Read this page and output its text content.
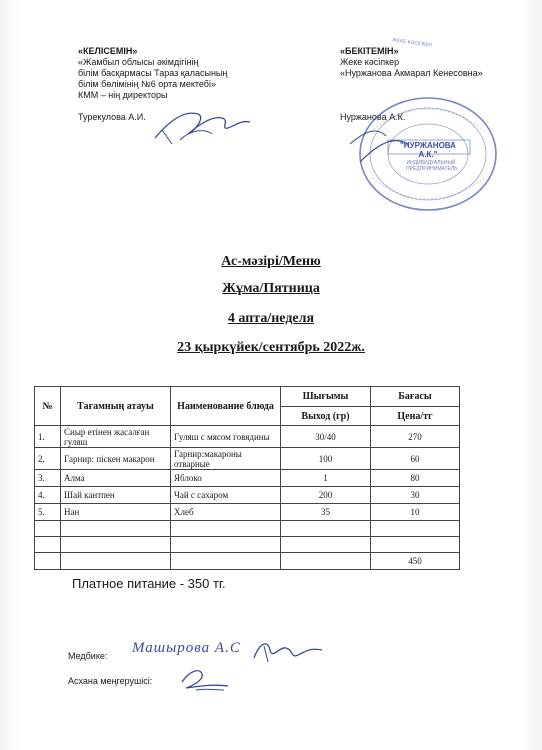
«КЕЛІСЕМІН»
«Жамбыл облысы әкімдігінің
білім басқармасы Тараз қаласының
білім бөлімінің №6 орта мектебі»
КММ – нің директоры
Турекулова А.И.
«БЕКІТЕМІН»
Жеке кәсіпкер
«Нуржанова Акмарал Кенесовна»
Нуржанова А.К.
ЖЕКЕ КӘСІПКЕР
"НУРЖАНОВА А.К."
ИНДИВИДУАЛЬНЫЙ ПРЕДПРИНИМАТЕЛЬ
Ас-мәзірі/Меню
Жұма/Пятница
4 апта/неделя
23 қыркүйек/сентябрь 2022ж.
№	Тағамның атауы	Наименование блюда	Шығымы	Бағасы
			Выход (гр)	Цена/тг
1.	Сиыр етінен жасалған гуляш	Гуляш с мясом говядины	30/40	270
2.	Гарнир: піскен макарон	Гарнир:макароны отварные	100	60
3.	Алма	Яблоко	1	80
4.	Шай кантпен	Чай с сахаром	200	30
5.	Нан	Хлеб	35	10

				450
Платное питание - 350 тг.
Медбике: Машырова А.С
Асхана меңгерушісі:
